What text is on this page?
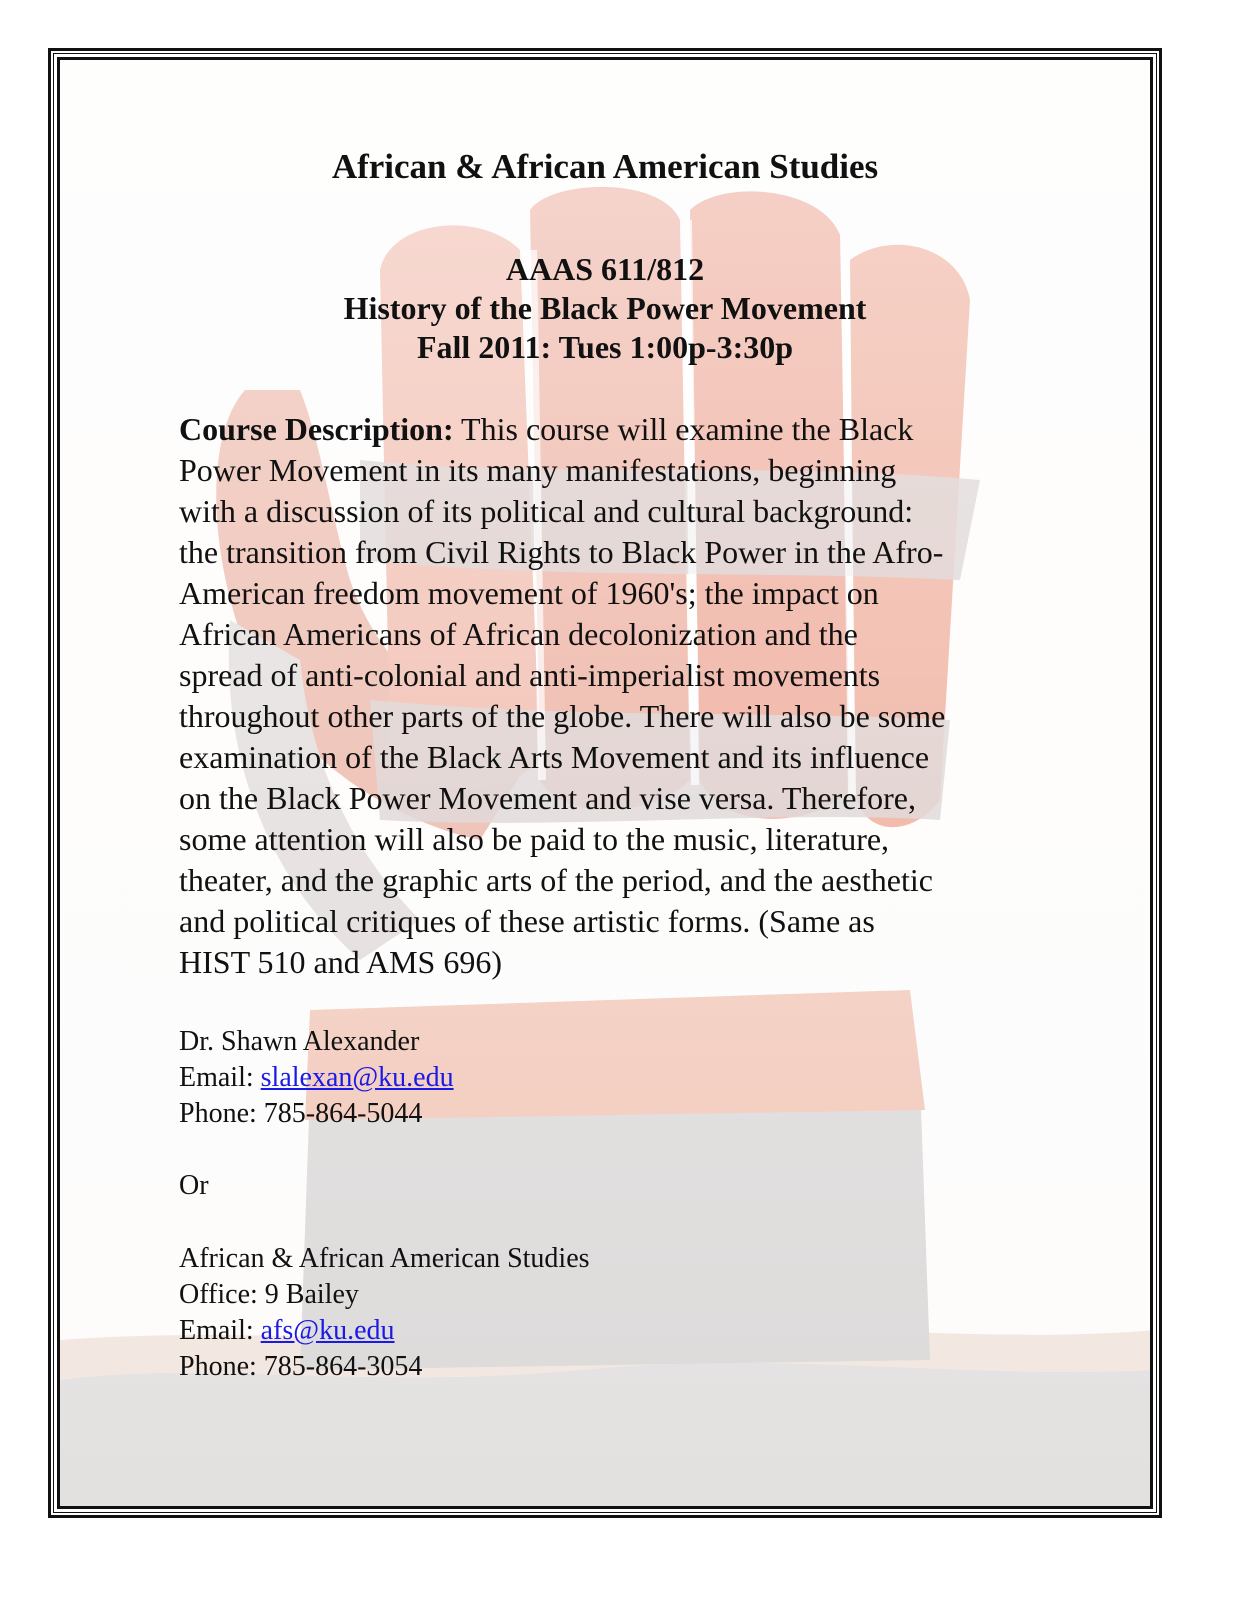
African & African American Studies
AAAS 611/812
History of the Black Power Movement
Fall 2011: Tues 1:00p-3:30p
Course Description: This course will examine the Black
Power Movement in its many manifestations, beginning
with a discussion of its political and cultural background:
the transition from Civil Rights to Black Power in the Afro-
American freedom movement of 1960's; the impact on
African Americans of African decolonization and the
spread of anti-colonial and anti-imperialist movements
throughout other parts of the globe. There will also be some
examination of the Black Arts Movement and its influence
on the Black Power Movement and vise versa. Therefore,
some attention will also be paid to the music, literature,
theater, and the graphic arts of the period, and the aesthetic
and political critiques of these artistic forms. (Same as
HIST 510 and AMS 696)
Dr. Shawn Alexander
Email: slalexan@ku.edu
Phone: 785-864-5044
Or
African & African American Studies
Office: 9 Bailey
Email: afs@ku.edu
Phone: 785-864-3054
